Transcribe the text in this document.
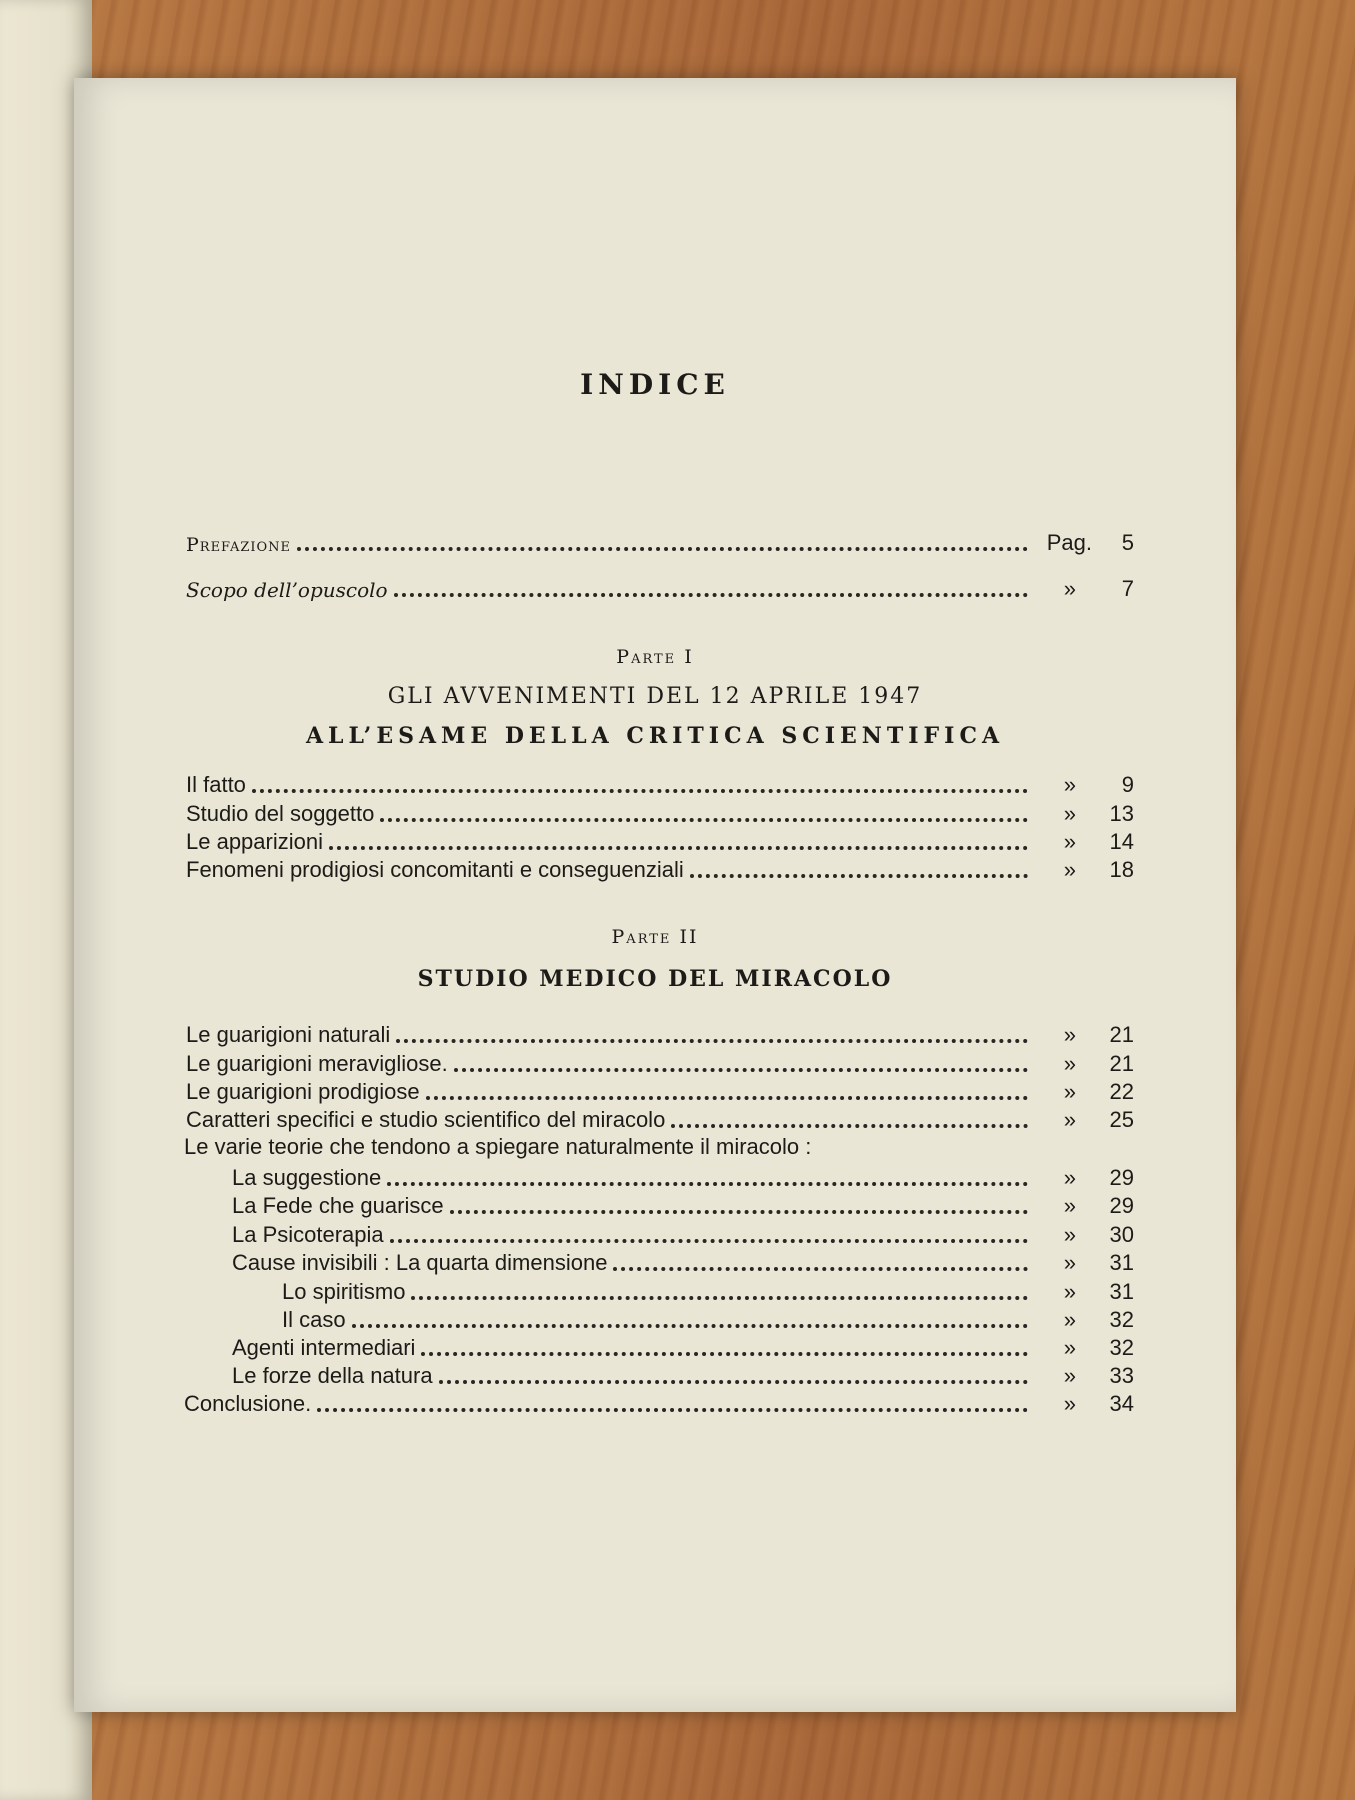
INDICE
Prefazione	Pag. 5
Scopo dell’opuscolo	» 7
Parte I
GLI AVVENIMENTI DEL 12 APRILE 1947
ALL’ESAME DELLA CRITICA SCIENTIFICA
Il fatto	» 9
Studio del soggetto	» 13
Le apparizioni	» 14
Fenomeni prodigiosi concomitanti e conseguenziali	» 18
Parte II
STUDIO MEDICO DEL MIRACOLO
Le guarigioni naturali	» 21
Le guarigioni meravigliose.	» 21
Le guarigioni prodigiose	» 22
Caratteri specifici e studio scientifico del miracolo	» 25
Le varie teorie che tendono a spiegare naturalmente il miracolo :
La suggestione	» 29
La Fede che guarisce	» 29
La Psicoterapia	» 30
Cause invisibili : La quarta dimensione	» 31
Lo spiritismo	» 31
Il caso	» 32
Agenti intermediari	» 32
Le forze della natura	» 33
Conclusione.	» 34
